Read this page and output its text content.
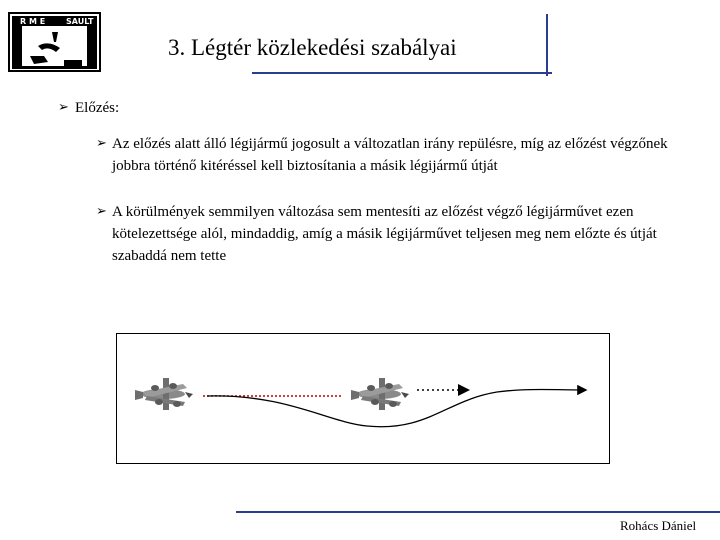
R M E	SAULT
3. Légtér közlekedési szabályai
➢ Előzés:
➢ Az előzés alatt álló légijármű jogosult a változatlan irány repülésre, míg az előzést végzőnek jobbra történő kitéréssel kell biztosítania a másik légijármű útját
➢ A körülmények semmilyen változása sem mentesíti az előzést végző légijárművet ezen kötelezettsége alól, mindaddig, amíg a másik légijárművet teljesen meg nem előzte és útját szabaddá nem tette
Rohács Dániel
